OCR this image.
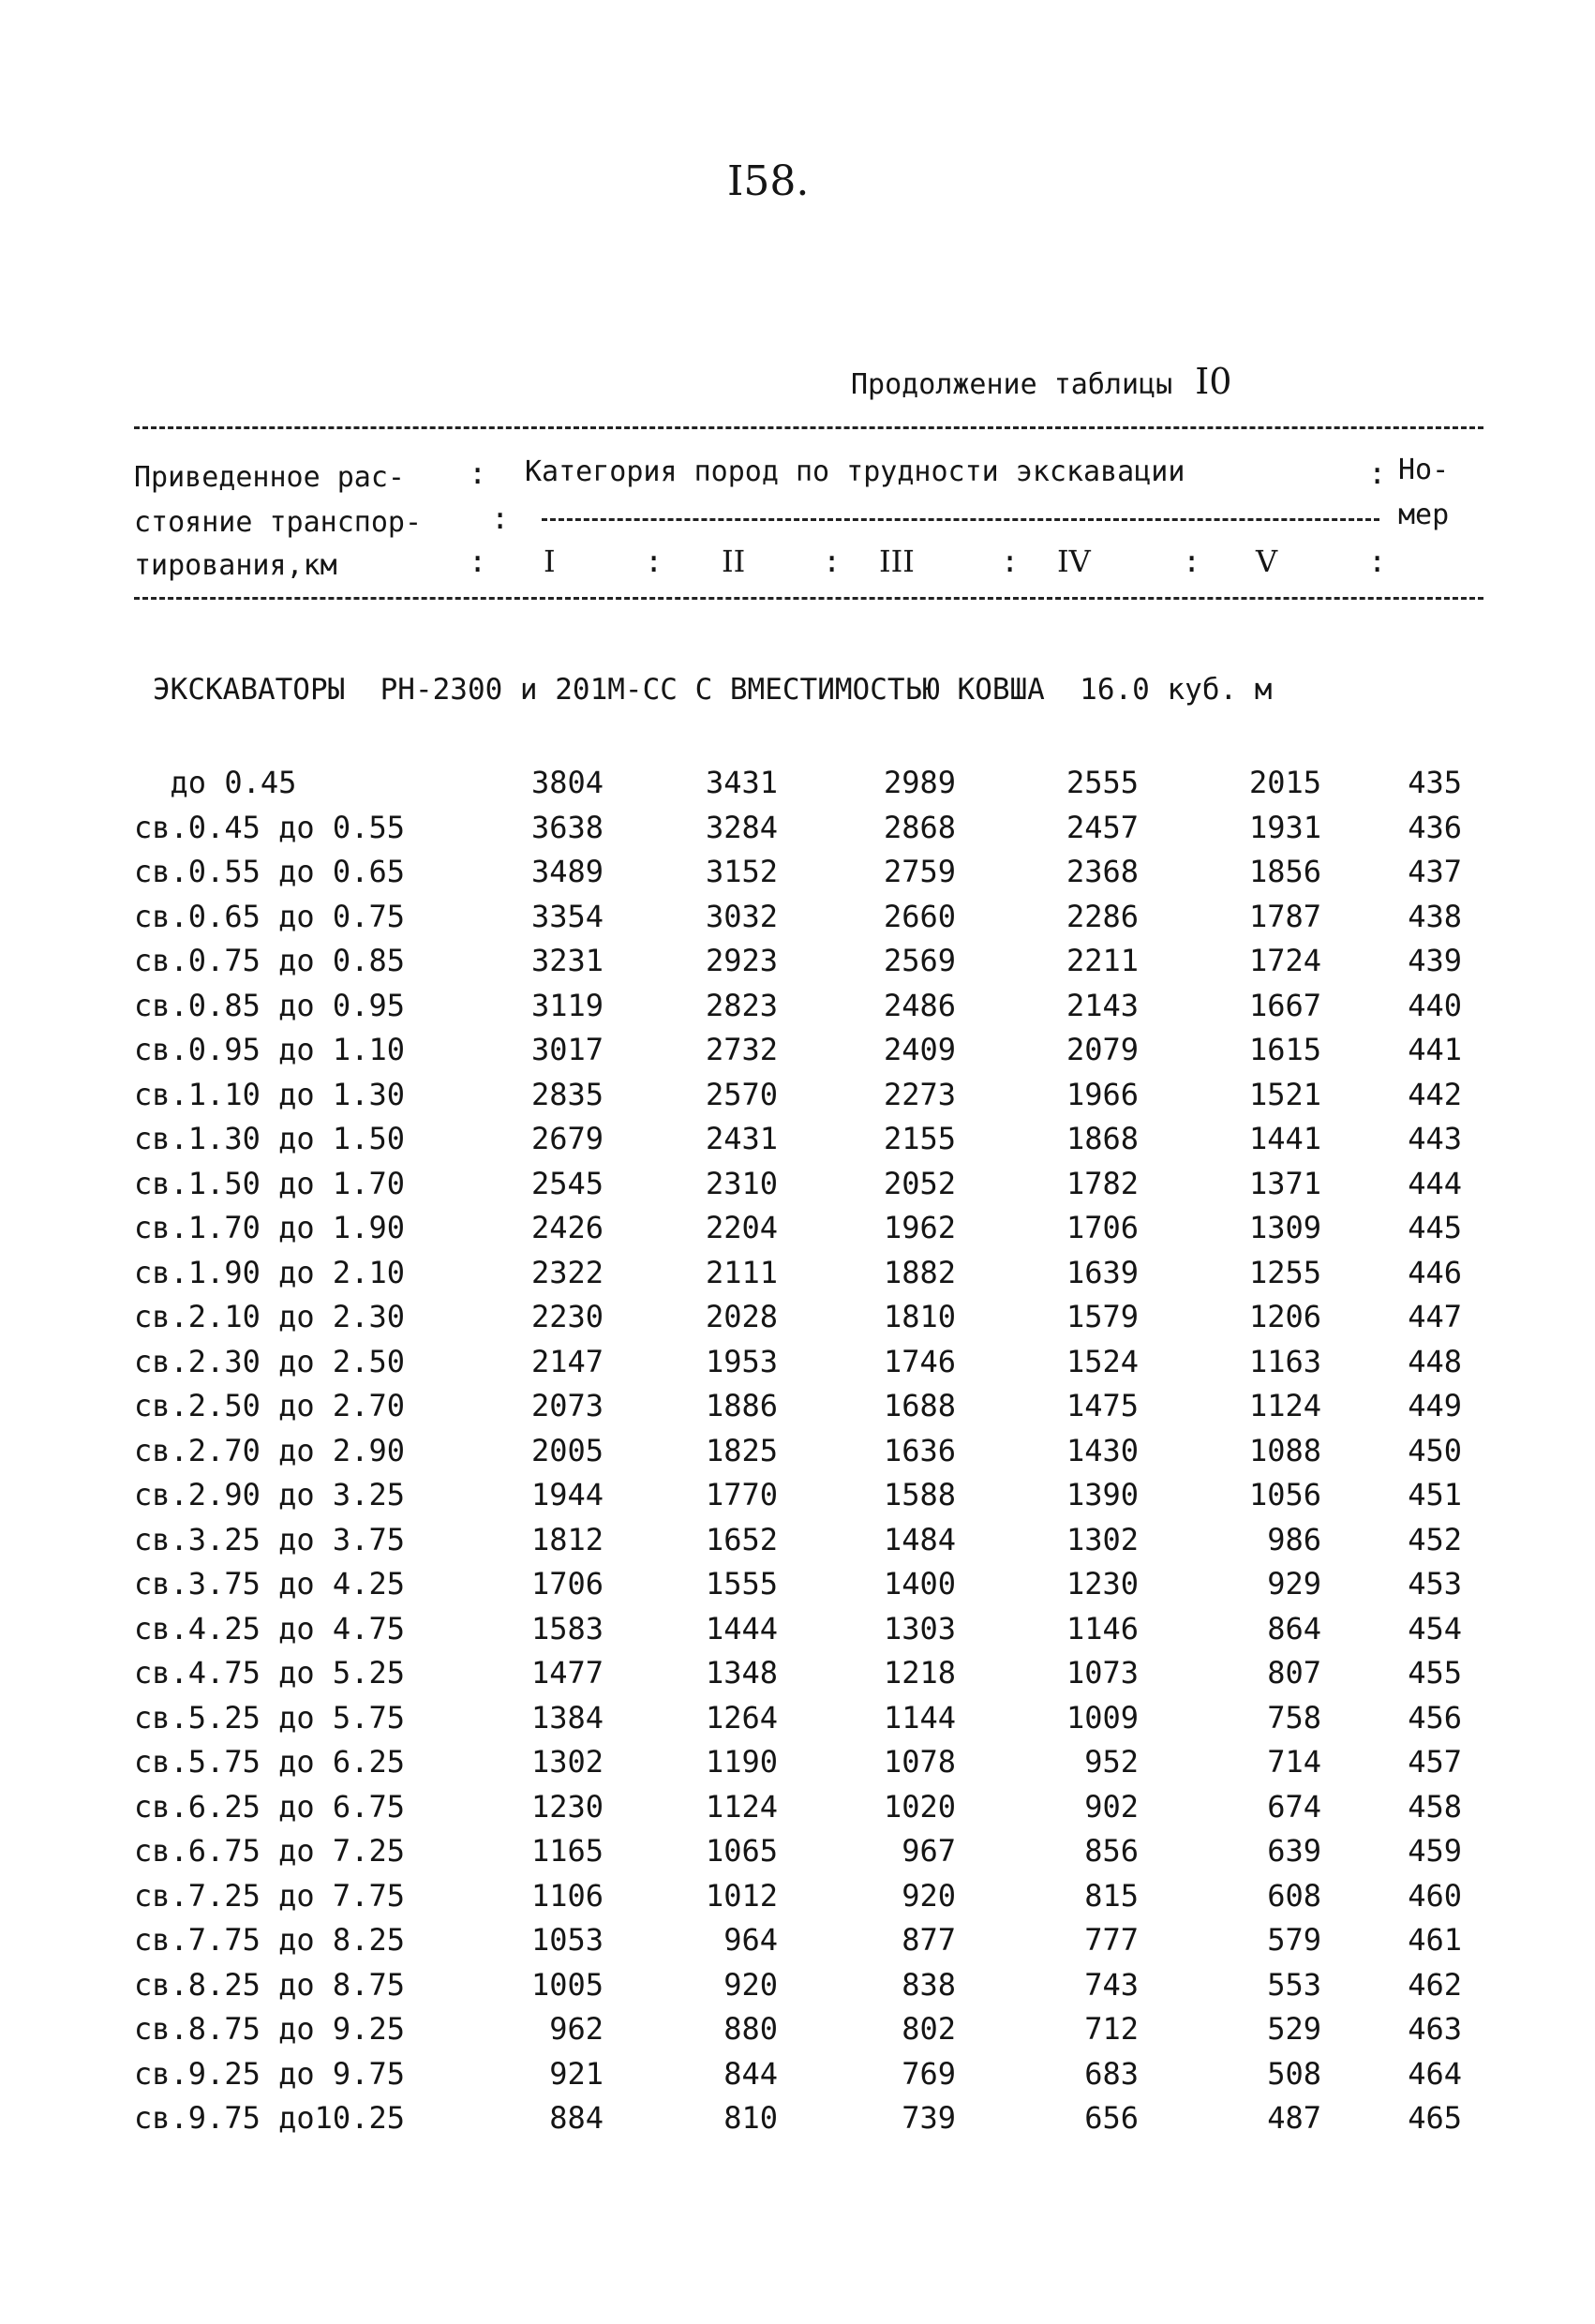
I58.
Продолжение таблицы I0
Приведенное рас-
стояние транспор-
тирования,км
:
:
:
Категория пород по трудности экскавации	: Но-
мер
I	: II	: III	: IV	: V	:
ЭКСКАВАТОРЫ  PH-2300 и 201M-CC С ВМЕСТИМОСТЬЮ КОВША  16.0 куб. м
до 0.45	3804	3431	2989	2555	2015	435
св.0.45 до 0.55	3638	3284	2868	2457	1931	436
св.0.55 до 0.65	3489	3152	2759	2368	1856	437
св.0.65 до 0.75	3354	3032	2660	2286	1787	438
св.0.75 до 0.85	3231	2923	2569	2211	1724	439
св.0.85 до 0.95	3119	2823	2486	2143	1667	440
св.0.95 до 1.10	3017	2732	2409	2079	1615	441
св.1.10 до 1.30	2835	2570	2273	1966	1521	442
св.1.30 до 1.50	2679	2431	2155	1868	1441	443
св.1.50 до 1.70	2545	2310	2052	1782	1371	444
св.1.70 до 1.90	2426	2204	1962	1706	1309	445
св.1.90 до 2.10	2322	2111	1882	1639	1255	446
св.2.10 до 2.30	2230	2028	1810	1579	1206	447
св.2.30 до 2.50	2147	1953	1746	1524	1163	448
св.2.50 до 2.70	2073	1886	1688	1475	1124	449
св.2.70 до 2.90	2005	1825	1636	1430	1088	450
св.2.90 до 3.25	1944	1770	1588	1390	1056	451
св.3.25 до 3.75	1812	1652	1484	1302	986	452
св.3.75 до 4.25	1706	1555	1400	1230	929	453
св.4.25 до 4.75	1583	1444	1303	1146	864	454
св.4.75 до 5.25	1477	1348	1218	1073	807	455
св.5.25 до 5.75	1384	1264	1144	1009	758	456
св.5.75 до 6.25	1302	1190	1078	952	714	457
св.6.25 до 6.75	1230	1124	1020	902	674	458
св.6.75 до 7.25	1165	1065	967	856	639	459
св.7.25 до 7.75	1106	1012	920	815	608	460
св.7.75 до 8.25	1053	964	877	777	579	461
св.8.25 до 8.75	1005	920	838	743	553	462
св.8.75 до 9.25	962	880	802	712	529	463
св.9.25 до 9.75	921	844	769	683	508	464
св.9.75 до10.25	884	810	739	656	487	465
